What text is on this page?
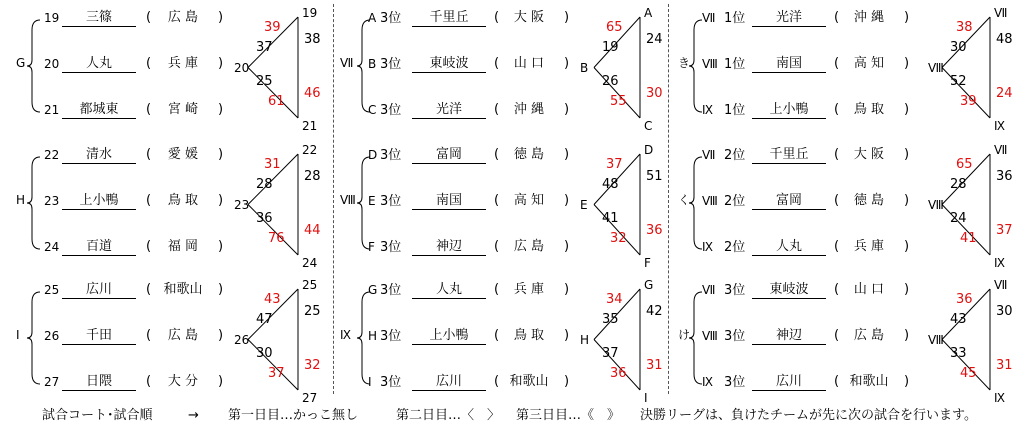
試合コート･試合順	→ 第一日目…かっこ無し	第二日目…〈　〉 第三日目…《　》 決勝リーグは、負けたチームが先に次の試合を行います。
G
19	三篠	(	広 島	)
20	人丸	(	兵 庫	)
21	都城東	(	宮 崎	)
19
20
21
39
37
38
25
61
46
H
22	清水	(	愛 媛	)
23	上小鴨	(	鳥 取	)
24	百道	(	福 岡	)
22
23
24
31
28
28
36
76
44
I
25	広川	( 和歌山 )
26	千田	(	広 島	)
27	日隈	(	大 分	)
25
26
27
43
47
25
30
37
32
Ⅶ
A 3位	千里丘	(	大 阪	)
B 3位	東岐波	(	山 口	)
C 3位	光洋	(	沖 縄	)
A
B
C
65
19
24
26
55
30
Ⅷ
D 3位	富岡	(	徳 島	)
E 3位	南国	(	高 知	)
F 3位	神辺	(	広 島	)
D
E
F
37
48
51
41
32
36
Ⅸ
G 3位	人丸	(	兵 庫	)
H 3位	上小鴨	(	鳥 取	)
I 3位	広川	( 和歌山 )
G
H
I
34
35
42
37
36
31
き
Ⅶ 1位	光洋	(	沖 縄	)
Ⅷ 1位	南国	(	高 知	)
Ⅸ 1位	上小鴨	(	鳥 取	)
Ⅶ
Ⅷ
Ⅸ
38
30
48
52
39
24
く
Ⅶ 2位	千里丘	(	大 阪	)
Ⅷ 2位	富岡	(	徳 島	)
Ⅸ 2位	人丸	(	兵 庫	)
Ⅶ
Ⅷ
Ⅸ
65
28
36
24
41
37
け
Ⅶ 3位	東岐波	(	山 口	)
Ⅷ 3位	神辺	(	広 島	)
Ⅸ 3位	広川	( 和歌山 )
Ⅶ
Ⅷ
Ⅸ
36
43
30
33
45
31
